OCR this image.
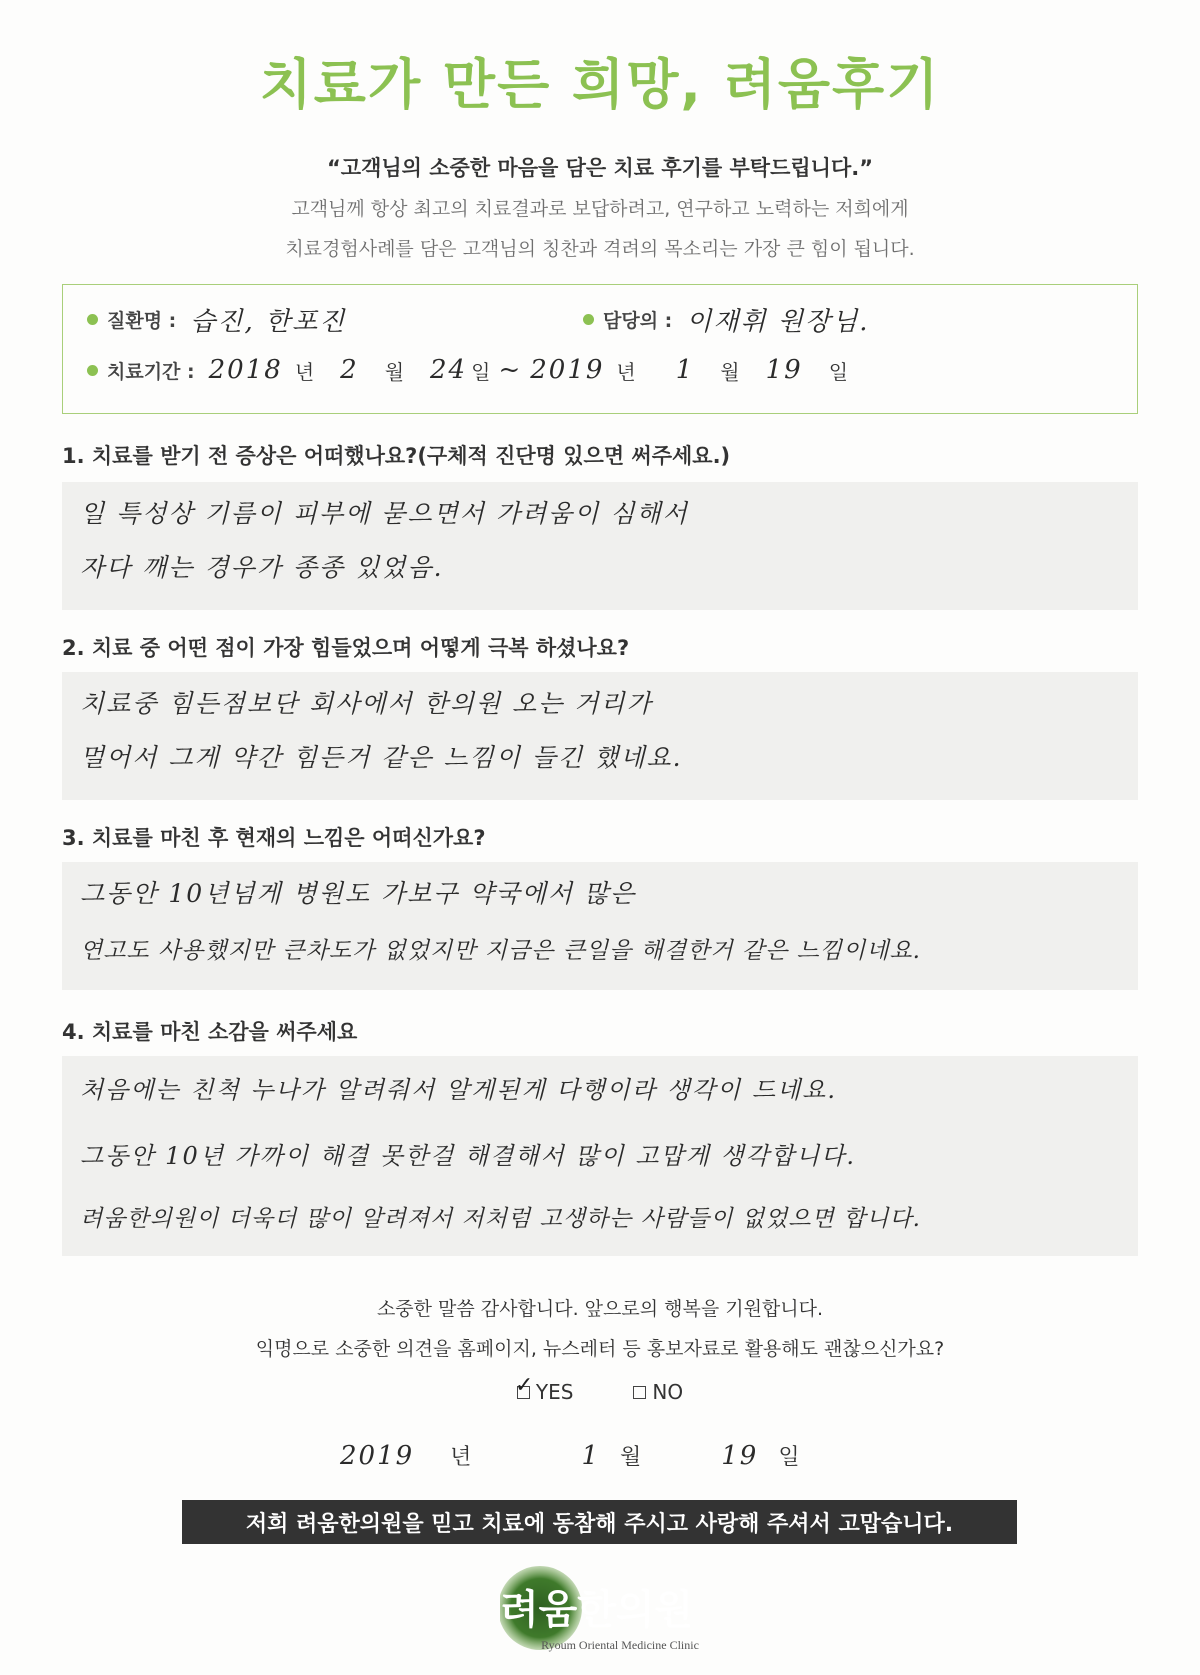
치료가 만든 희망, 려움후기
“고객님의 소중한 마음을 담은 치료 후기를 부탁드립니다.”
고객님께 항상 최고의 치료결과로 보답하려고, 연구하고 노력하는 저희에게
치료경험사례를 담은 고객님의 칭찬과 격려의 목소리는 가장 큰 힘이 됩니다.
질환명 : 습진, 한포진	담당의 : 이재휘 원장님.
치료기간 : 2018 년 2 월 24 일 ~ 2019 년 1 월 19 일
1. 치료를 받기 전 증상은 어떠했나요?(구체적 진단명 있으면 써주세요.)
일 특성상 기름이 피부에 묻으면서 가려움이 심해서
자다 깨는 경우가 종종 있었음.
2. 치료 중 어떤 점이 가장 힘들었으며 어떻게 극복 하셨나요?
치료중 힘든점보단 회사에서 한의원 오는 거리가
멀어서 그게 약간 힘든거 같은 느낌이 들긴 했네요.
3. 치료를 마친 후 현재의 느낌은 어떠신가요?
그동안 10년넘게 병원도 가보구 약국에서 많은
연고도 사용했지만 큰차도가 없었지만 지금은 큰일을 해결한거 같은 느낌이네요.
4. 치료를 마친 소감을 써주세요
처음에는 친척 누나가 알려줘서 알게된게 다행이라 생각이 드네요.
그동안 10년 가까이 해결 못한걸 해결해서 많이 고맙게 생각합니다.
려움한의원이 더욱더 많이 알려져서 저처럼 고생하는 사람들이 없었으면 합니다.
소중한 말씀 감사합니다. 앞으로의 행복을 기원합니다.
익명으로 소중한 의견을 홈페이지, 뉴스레터 등 홍보자료로 활용해도 괜찮으신가요?
✓
YES	NO
2019 년	1 월	19 일
저희 려움한의원을 믿고 치료에 동참해 주시고 사랑해 주셔서 고맙습니다.
려움한의원
Ryoum Oriental Medicine Clinic
